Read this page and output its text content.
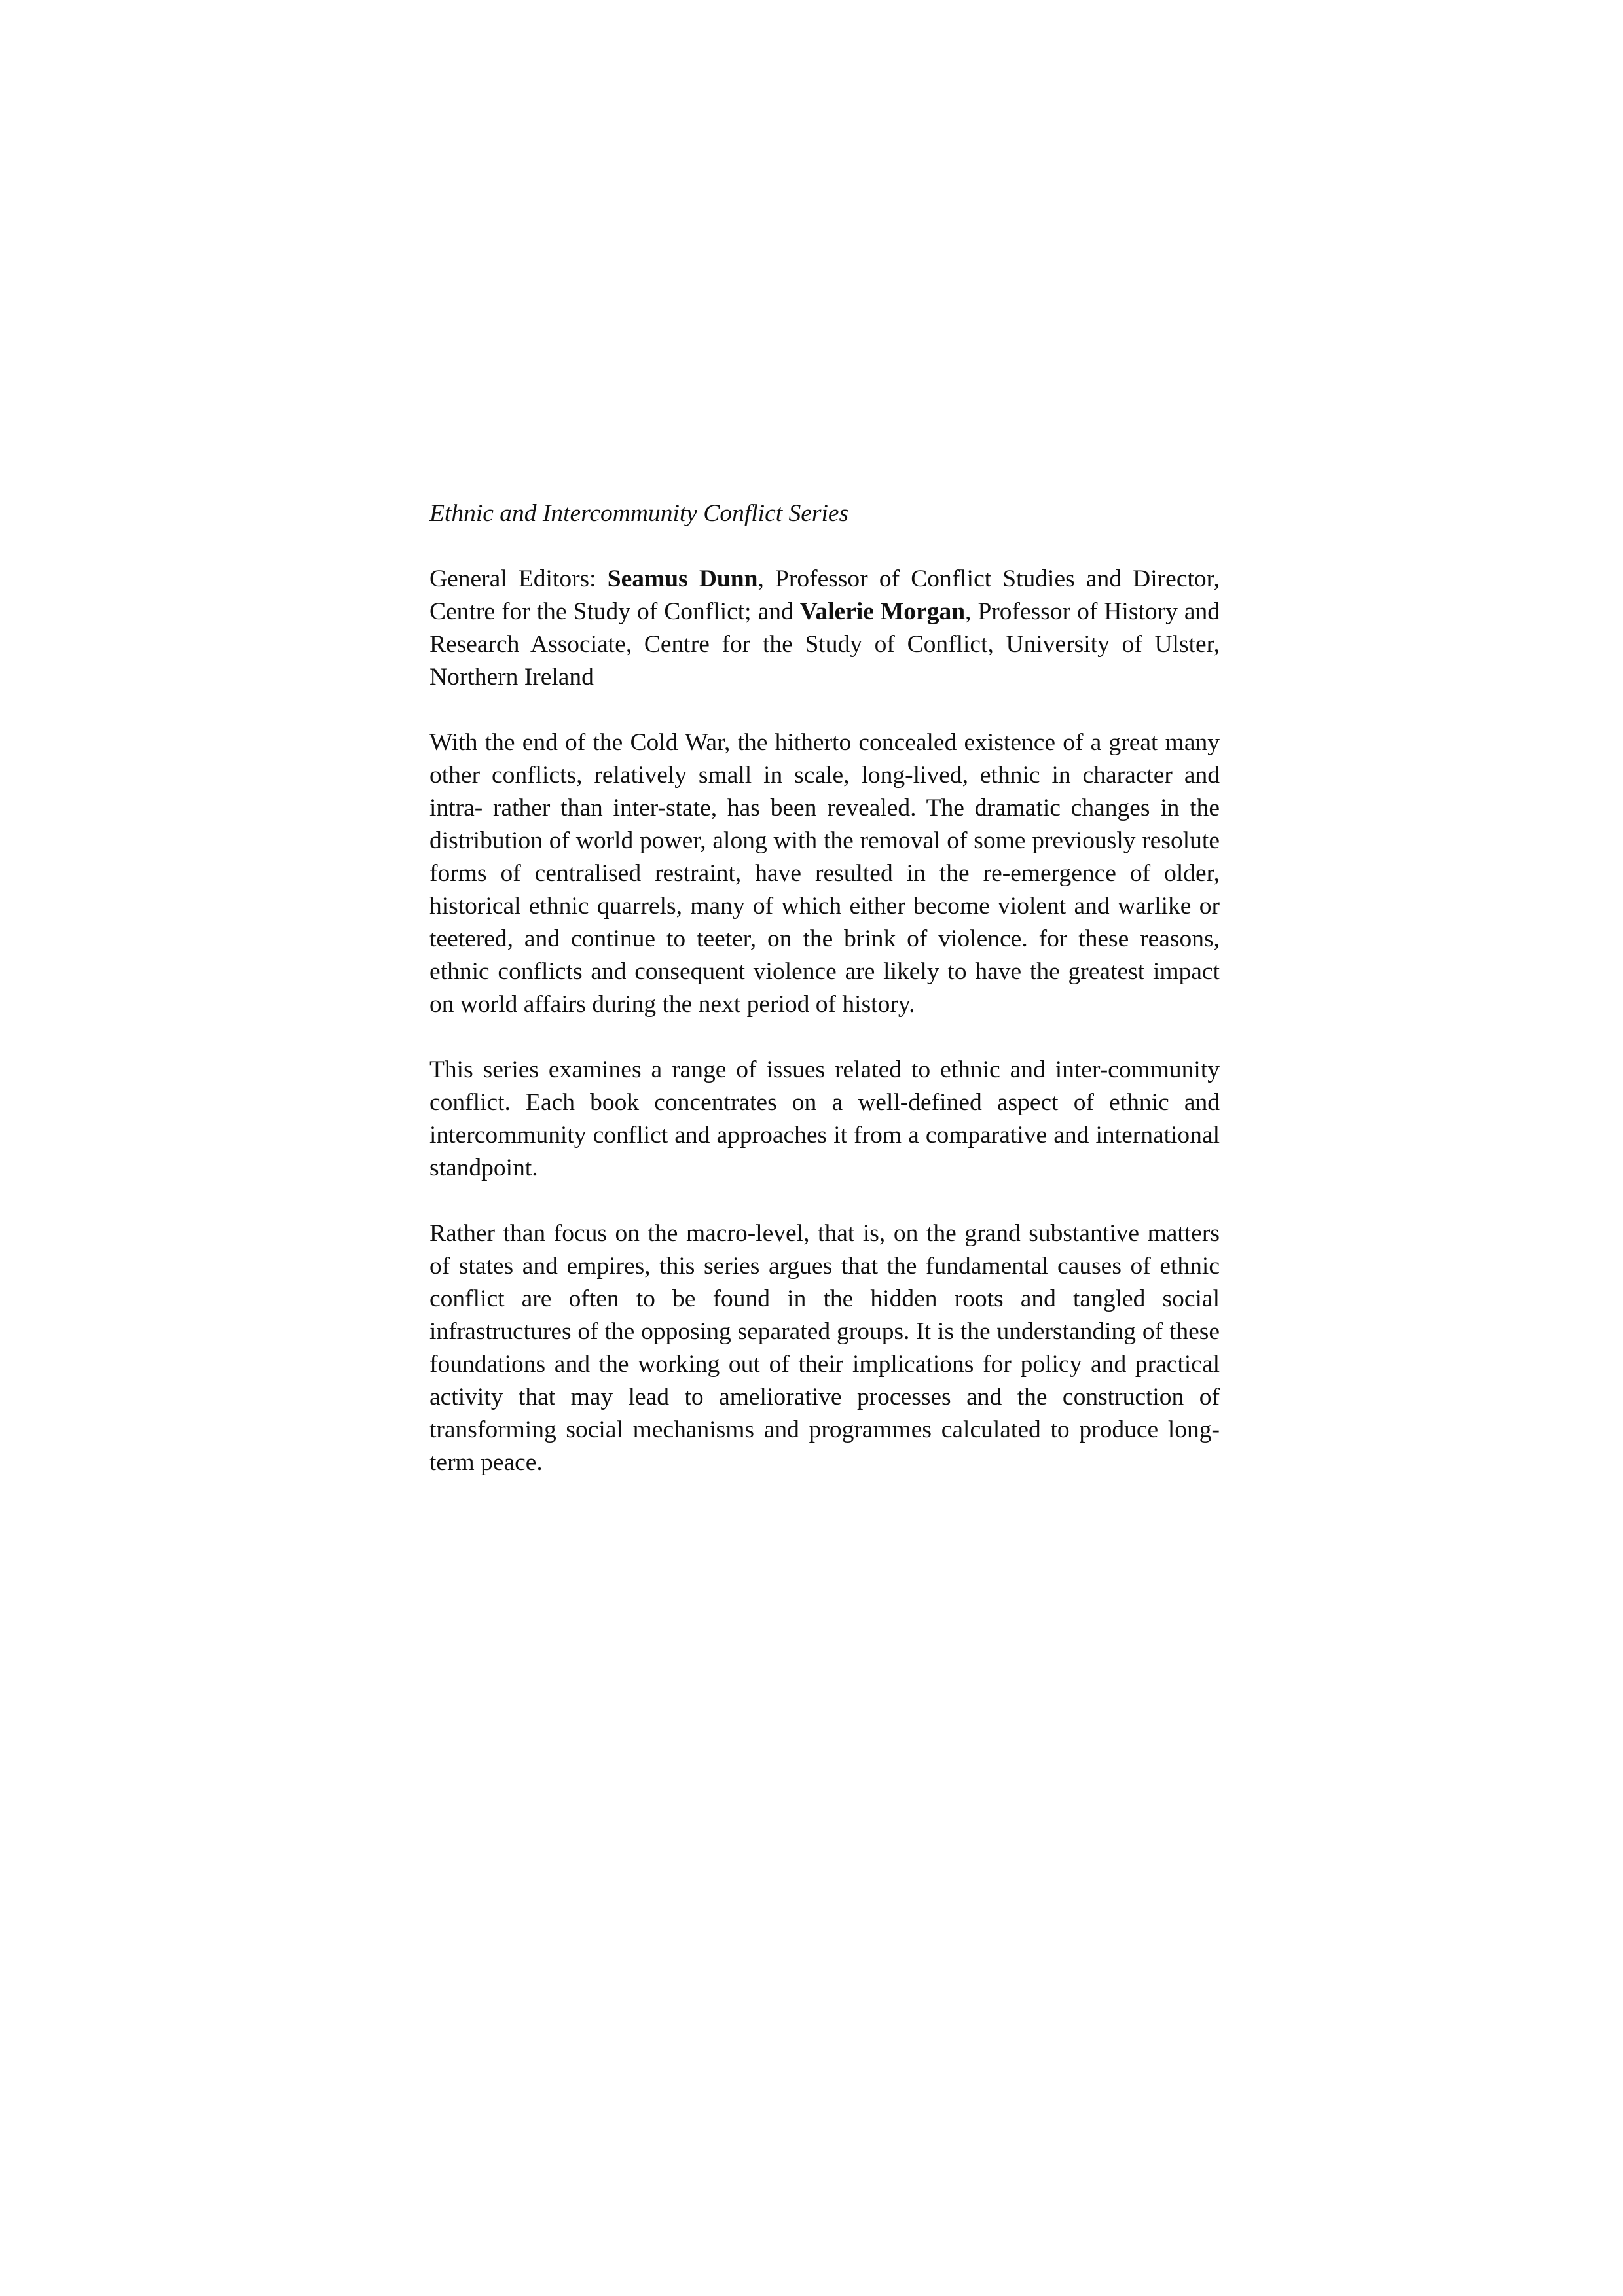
Ethnic and Intercommunity Conflict Series
General Editors: Seamus Dunn, Professor of Conflict Studies and Director, Centre for the Study of Conflict; and Valerie Morgan, Professor of History and Research Associate, Centre for the Study of Conflict, University of Ulster, Northern Ireland
With the end of the Cold War, the hitherto concealed existence of a great many other conflicts, relatively small in scale, long-lived, ethnic in character and intra- rather than inter-state, has been revealed. The dramatic changes in the distribution of world power, along with the removal of some previously resolute forms of centralised restraint, have resulted in the re-emergence of older, historical ethnic quarrels, many of which either become violent and warlike or teetered, and continue to teeter, on the brink of violence. for these reasons, ethnic conflicts and consequent violence are likely to have the greatest impact on world affairs during the next period of history.
This series examines a range of issues related to ethnic and inter-community conflict. Each book concentrates on a well-defined aspect of ethnic and intercommunity conflict and approaches it from a comparative and international standpoint.
Rather than focus on the macro-level, that is, on the grand substantive matters of states and empires, this series argues that the fundamental causes of ethnic conflict are often to be found in the hidden roots and tangled social infrastructures of the opposing separated groups. It is the understanding of these foundations and the working out of their implications for policy and practical activity that may lead to ameliorative processes and the construction of transforming social mechanisms and programmes calculated to produce long-term peace.
